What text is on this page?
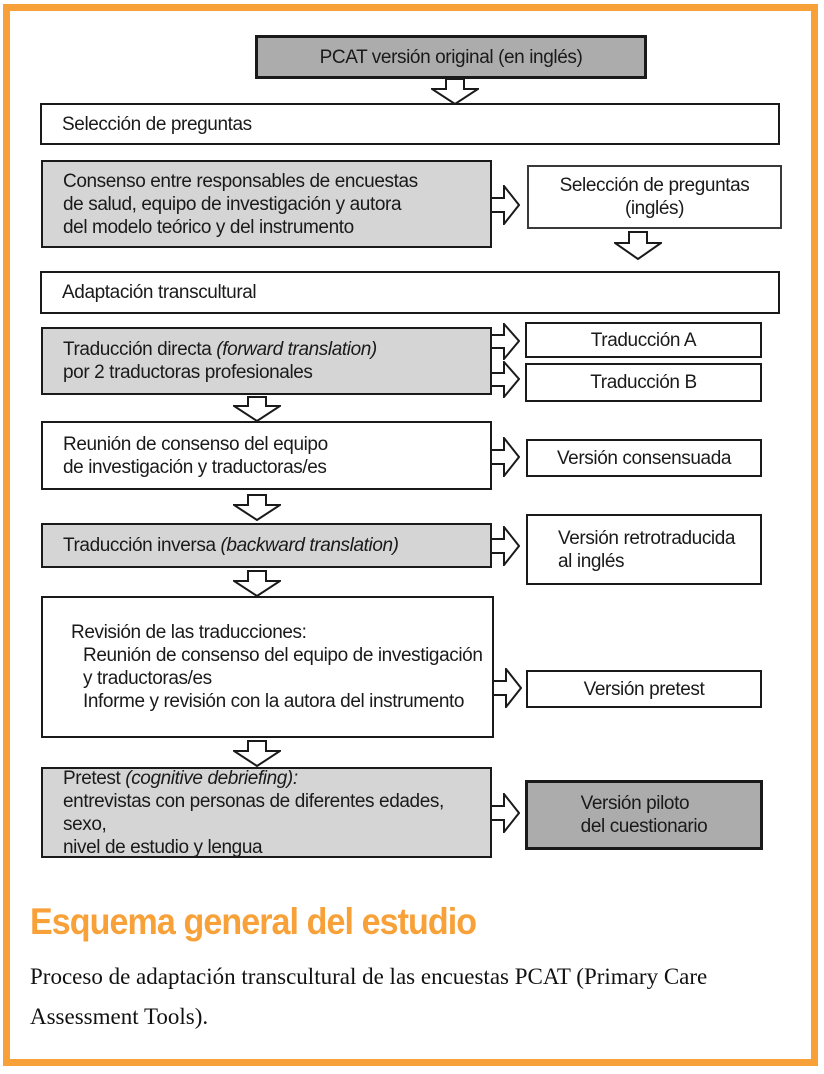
PCAT versión original (en inglés)
Selección de preguntas
Consenso entre responsables de encuestas
de salud, equipo de investigación y autora
del modelo teórico y del instrumento
Selección de preguntas
(inglés)
Adaptación transcultural
Traducción directa (forward translation)
por 2 traductoras profesionales
Traducción A
Traducción B
Reunión de consenso del equipo
de investigación y traductoras/es	Versión consensuada
Traducción inversa (backward translation)	Versión retrotraducida
al inglés
Revisión de las traducciones:
Reunión de consenso del equipo de investigación
y traductoras/es
Informe y revisión con la autora del instrumento
Versión pretest
Pretest (cognitive debriefing):
entrevistas con personas de diferentes edades, sexo,
nivel de estudio y lengua
Versión piloto
del cuestionario
Esquema general del estudio
Proceso de adaptación transcultural de las encuestas PCAT (Primary Care Assessment Tools).
